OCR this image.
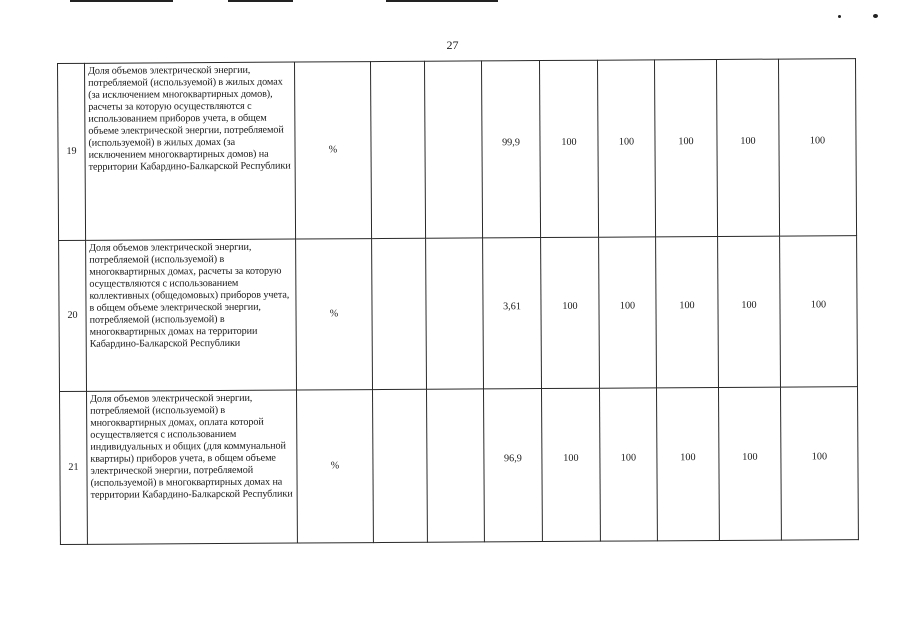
27
19	Доля объемов электрической энергии, потребляемой (используемой) в жилых домах (за исключением многоквартирных домов), расчеты за которую осуществляются с использованием приборов учета, в общем объеме электрической энергии, потребляемой (используемой) в жилых домах (за исключением многоквартирных домов) на территории Кабардино-Балкарской Республики	%			99,9	100	100	100	100	100
20	Доля объемов электрической энергии, потребляемой (используемой) в многоквартирных домах, расчеты за которую осуществляются с использованием коллективных (общедомовых) приборов учета, в общем объеме электрической энергии, потребляемой (используемой) в многоквартирных домах на территории Кабардино-Балкарской Республики	%			3,61	100	100	100	100	100
21	Доля объемов электрической энергии, потребляемой (используемой) в многоквартирных домах, оплата которой осуществляется с использованием индивидуальных и общих (для коммунальной квартиры) приборов учета, в общем объеме электрической энергии, потребляемой (используемой) в многоквартирных домах на территории Кабардино-Балкарской Республики	%			96,9	100	100	100	100	100
